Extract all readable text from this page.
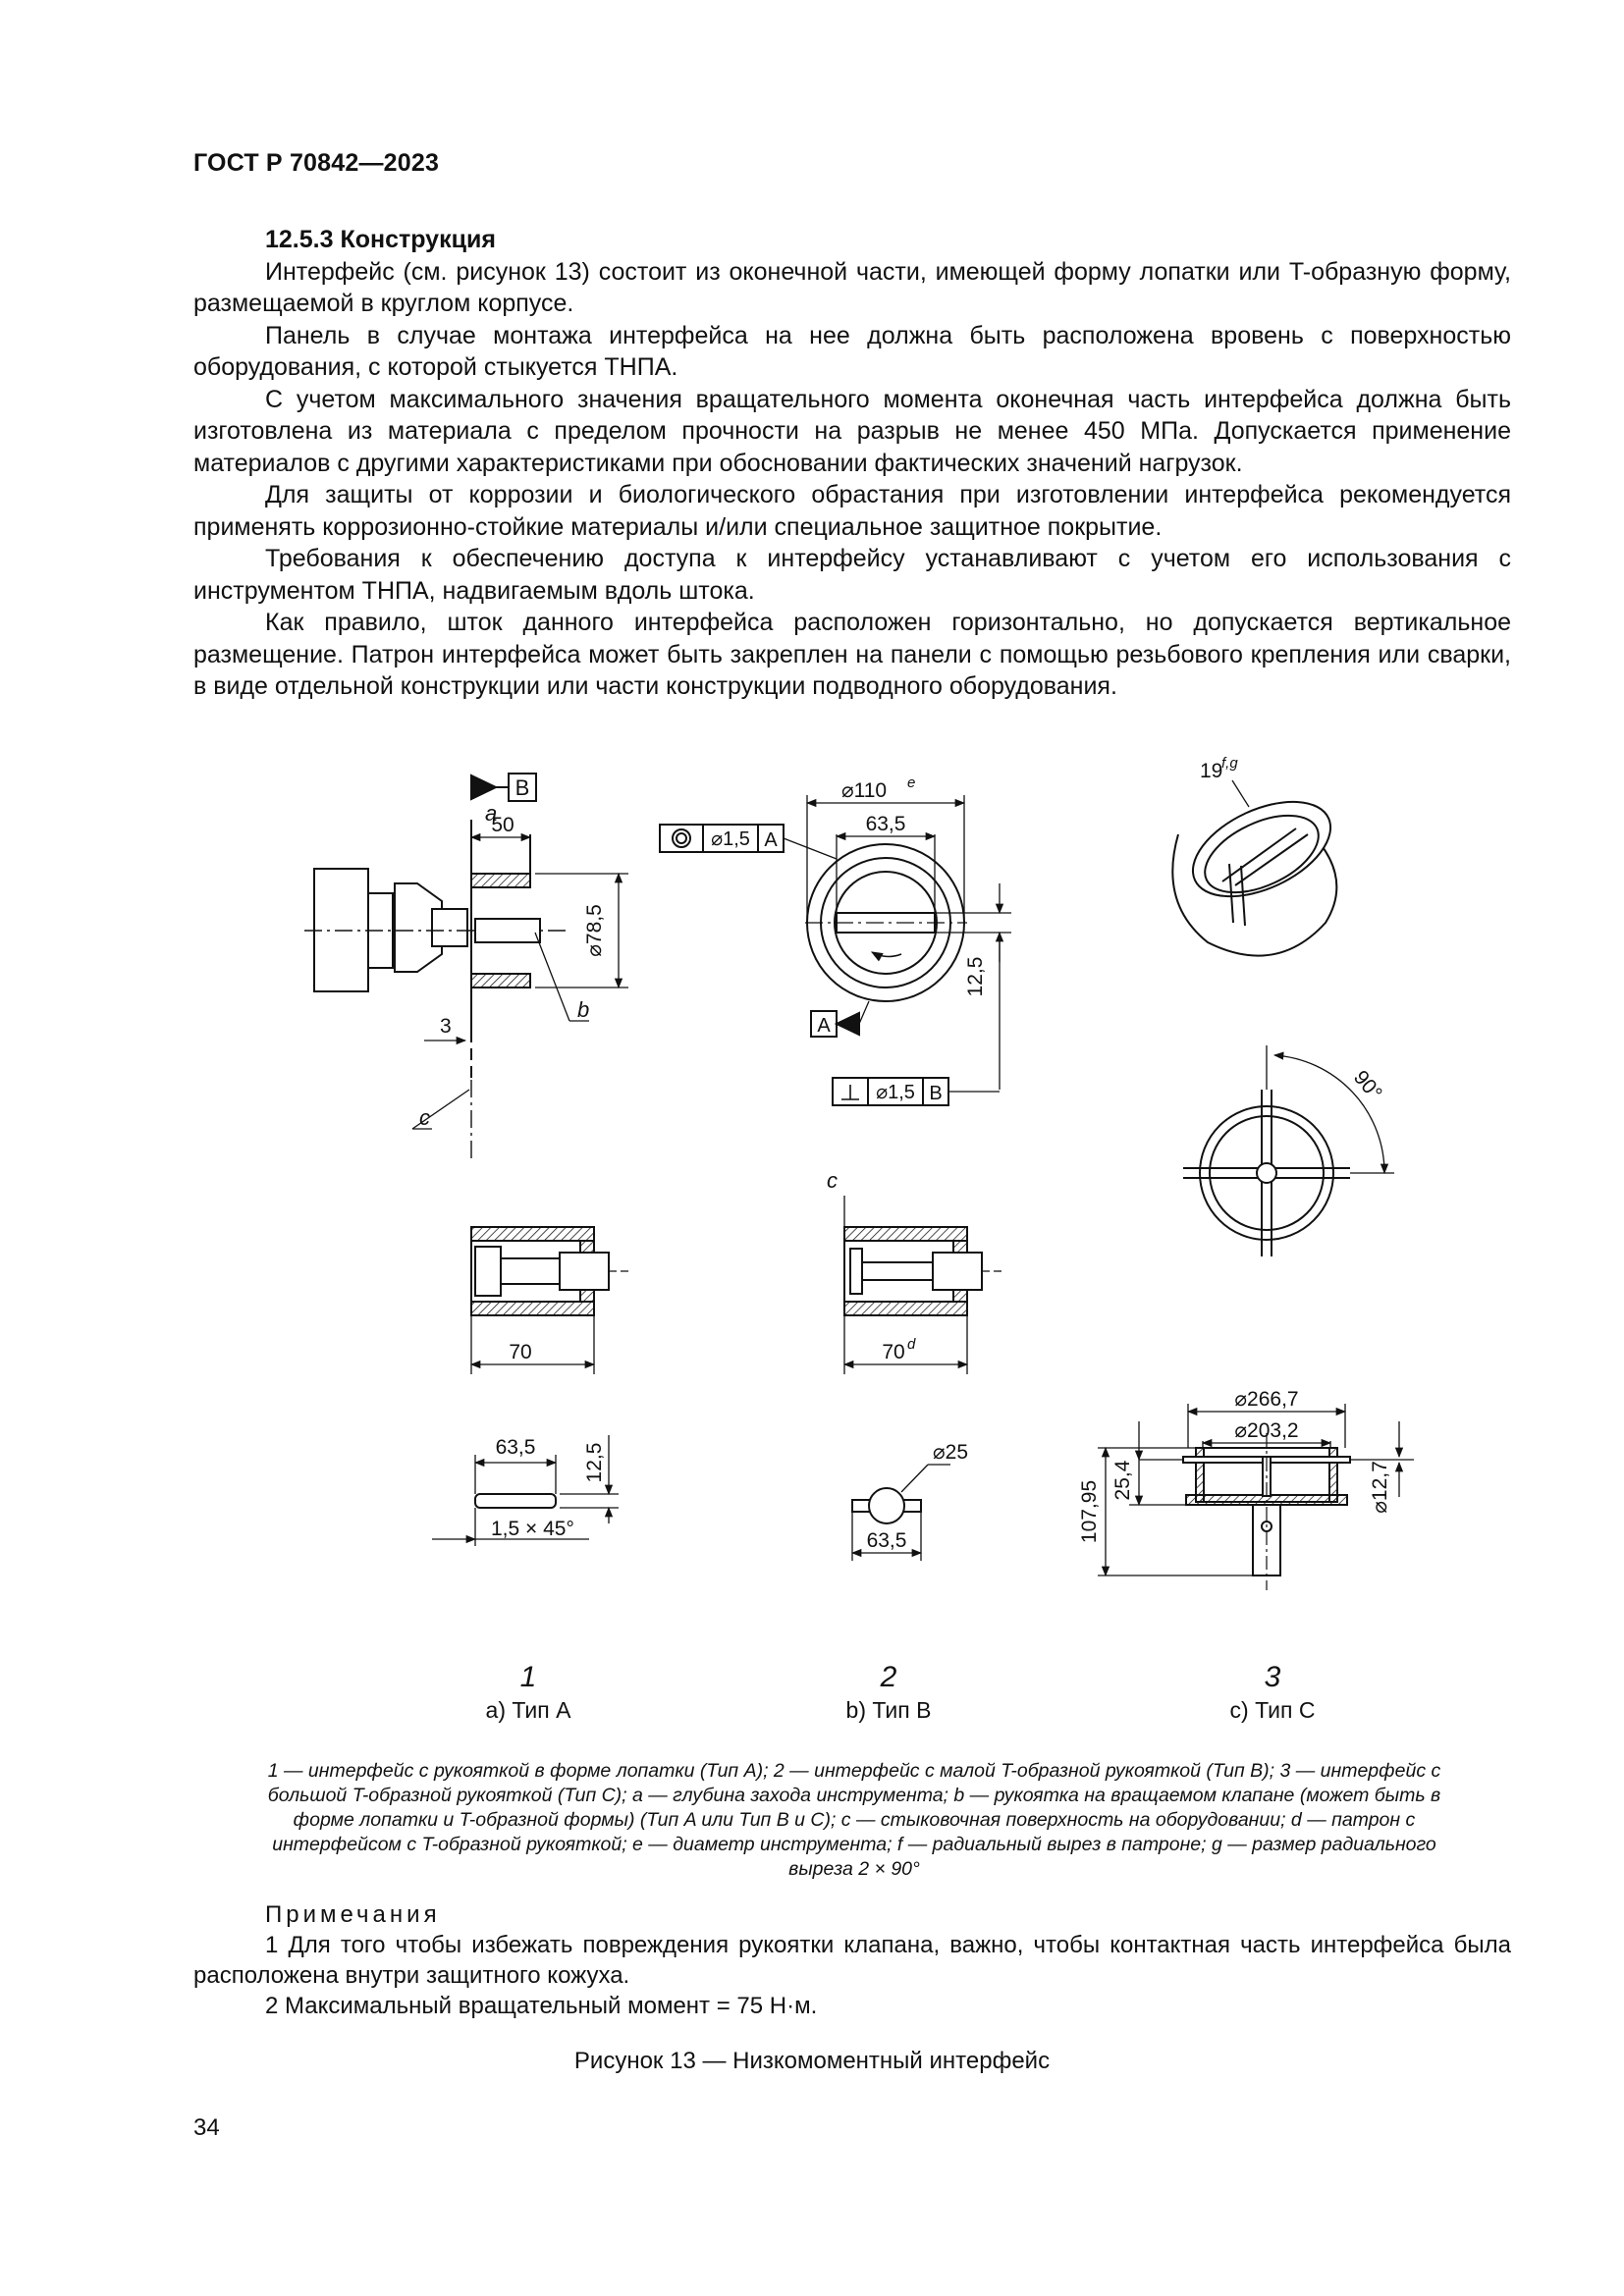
ГОСТ Р 70842—2023

12.5.3 Конструкция

Интерфейс (см. рисунок 13) состоит из оконечной части, имеющей форму лопатки или T-образную форму, размещаемой в круглом корпусе.

Панель в случае монтажа интерфейса на нее должна быть расположена вровень с поверхностью оборудования, с которой стыкуется ТНПА.

С учетом максимального значения вращательного момента оконечная часть интерфейса должна быть изготовлена из материала с пределом прочности на разрыв не менее 450 МПа. Допускается применение материалов с другими характеристиками при обосновании фактических значений нагрузок.

Для защиты от коррозии и биологического обрастания при изготовлении интерфейса рекомендуется применять коррозионно-стойкие материалы и/или специальное защитное покрытие.

Требования к обеспечению доступа к интерфейсу устанавливают с учетом его использования с инструментом ТНПА, надвигаемым вдоль штока.

Как правило, шток данного интерфейса расположен горизонтально, но допускается вертикальное размещение. Патрон интерфейса может быть закреплен на панели с помощью резьбового крепления или сварки, в виде отдельной конструкции или части конструкции подводного оборудования.

B
a
50
⌀78,5
b
3
c
70
63,5 12,5
1,5 × 45°
⌀110 e
63,5
⌀1,5 A
12,5
A
⌀1,5 B
c
70 d
⌀25
63,5
19
f,g
90°
⌀266,7
⌀203,2
107,95 25,4	⌀12,7
1
a) Тип A
2
b) Тип B
3
c) Тип C
1 — интерфейс с рукояткой в форме лопатки (Тип A); 2 — интерфейс с малой T-образной рукояткой (Тип B); 3 — интерфейс с большой T-образной рукояткой (Тип C); a — глубина захода инструмента; b — рукоятка на вращаемом клапане (может быть в форме лопатки и T-образной формы) (Тип A или Тип B и C); c — стыковочная поверхность на оборудовании; d — патрон с интерфейсом с T-образной рукояткой; e — диаметр инструмента; f — радиальный вырез в патроне; g — размер радиального выреза 2 × 90°

Примечания

1 Для того чтобы избежать повреждения рукоятки клапана, важно, чтобы контактная часть интерфейса была расположена внутри защитного кожуха.

2 Максимальный вращательный момент = 75 Н·м.

Рисунок 13 — Низкомоментный интерфейс
34
